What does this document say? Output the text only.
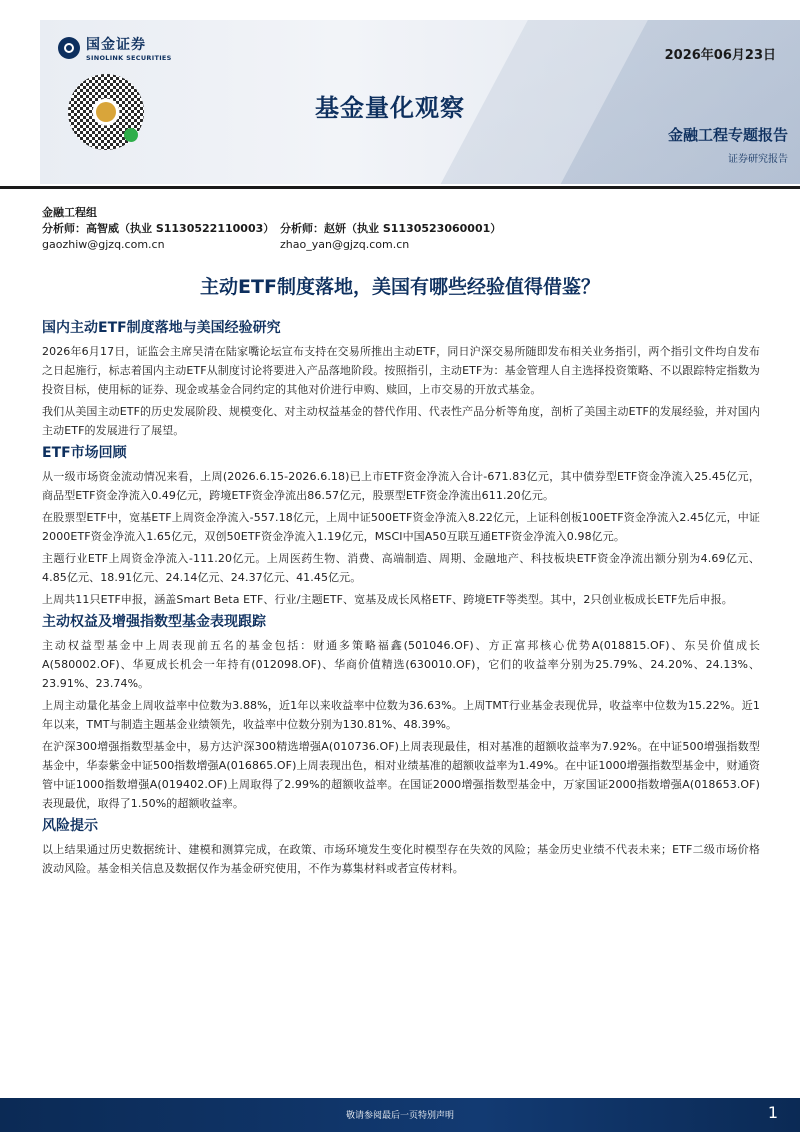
国金证券
SINOLINK SECURITIES	2026年06月23日
基金量化观察
金融工程专题报告
证券研究报告
金融工程组
分析师：高智威（执业 S1130522110003） 分析师：赵妍（执业 S1130523060001）
gaozhiw@gjzq.com.cn	zhao_yan@gjzq.com.cn
主动ETF制度落地，美国有哪些经验值得借鉴？
国内主动ETF制度落地与美国经验研究

2026年6月17日，证监会主席吴清在陆家嘴论坛宣布支持在交易所推出主动ETF，同日沪深交易所随即发布相关业务指引，两个指引文件均自发布之日起施行，标志着国内主动ETF从制度讨论将要进入产品落地阶段。按照指引，主动ETF为：基金管理人自主选择投资策略、不以跟踪特定指数为投资目标，使用标的证券、现金或基金合同约定的其他对价进行申购、赎回，上市交易的开放式基金。

我们从美国主动ETF的历史发展阶段、规模变化、对主动权益基金的替代作用、代表性产品分析等角度，剖析了美国主动ETF的发展经验，并对国内主动ETF的发展进行了展望。

ETF市场回顾

从一级市场资金流动情况来看，上周(2026.6.15-2026.6.18)已上市ETF资金净流入合计-671.83亿元，其中债券型ETF资金净流入25.45亿元，商品型ETF资金净流入0.49亿元，跨境ETF资金净流出86.57亿元，股票型ETF资金净流出611.20亿元。

在股票型ETF中，宽基ETF上周资金净流入-557.18亿元，上周中证500ETF资金净流入8.22亿元，上证科创板100ETF资金净流入2.45亿元，中证2000ETF资金净流入1.65亿元，双创50ETF资金净流入1.19亿元，MSCI中国A50互联互通ETF资金净流入0.98亿元。

主题行业ETF上周资金净流入-111.20亿元。上周医药生物、消费、高端制造、周期、金融地产、科技板块ETF资金净流出额分别为4.69亿元、4.85亿元、18.91亿元、24.14亿元、24.37亿元、41.45亿元。

上周共11只ETF申报，涵盖Smart Beta ETF、行业/主题ETF、宽基及成长风格ETF、跨境ETF等类型。其中，2只创业板成长ETF先后申报。

主动权益及增强指数型基金表现跟踪

主动权益型基金中上周表现前五名的基金包括：财通多策略福鑫(501046.OF)、方正富邦核心优势A(018815.OF)、东吴价值成长A(580002.OF)、华夏成长机会一年持有(012098.OF)、华商价值精选(630010.OF)，它们的收益率分别为25.79%、24.20%、24.13%、23.91%、23.74%。

上周主动量化基金上周收益率中位数为3.88%，近1年以来收益率中位数为36.63%。上周TMT行业基金表现优异，收益率中位数为15.22%。近1年以来，TMT与制造主题基金业绩领先，收益率中位数分别为130.81%、48.39%。

在沪深300增强指数型基金中，易方达沪深300精选增强A(010736.OF)上周表现最佳，相对基准的超额收益率为7.92%。在中证500增强指数型基金中，华泰紫金中证500指数增强A(016865.OF)上周表现出色，相对业绩基准的超额收益率为1.49%。在中证1000增强指数型基金中，财通资管中证1000指数增强A(019402.OF)上周取得了2.99%的超额收益率。在国证2000增强指数型基金中，万家国证2000指数增强A(018653.OF)表现最优，取得了1.50%的超额收益率。

风险提示

以上结果通过历史数据统计、建模和测算完成，在政策、市场环境发生变化时模型存在失效的风险；基金历史业绩不代表未来；ETF二级市场价格波动风险。基金相关信息及数据仅作为基金研究使用，不作为募集材料或者宣传材料。

敬请参阅最后一页特别声明	1
